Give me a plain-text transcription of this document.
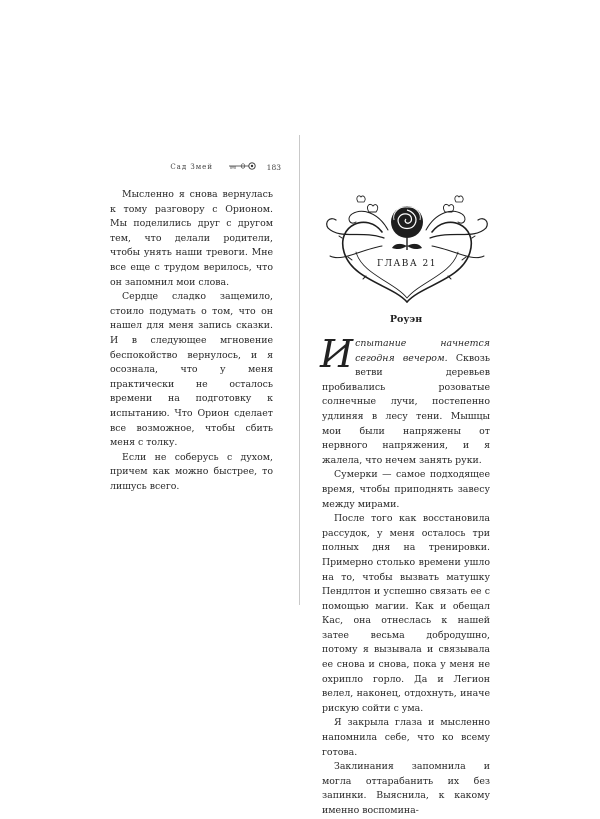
Сад Змей	183

Мысленно я снова вернулась к тому разговору с Орионом. Мы поделились друг с другом тем, что делали родители, чтобы унять наши тревоги. Мне все еще с трудом верилось, что он запомнил мои слова.

Сердце сладко защемило, стоило подумать о том, что он нашел для меня запись сказки. И в следующее мгновение беспокойство вернулось, и я осознала, что у меня практически не осталось времени на подготовку к испытанию. Что Орион сделает все возможное, чтобы сбить меня с толку.

Если не соберусь с духом, причем как можно быстрее, то лишусь всего.

ГЛАВА 21
Роуэн

Испытание начнется сегодня вечером. Сквозь ветви деревьев пробивались розоватые солнечные лучи, постепенно удлиняя в лесу тени. Мышцы мои были напряжены от нервного напряжения, и я жалела, что нечем занять руки.

Сумерки — самое подходящее время, чтобы приподнять завесу между мирами.

После того как восстановила рассудок, у меня осталось три полных дня на тренировки. Примерно столько времени ушло на то, чтобы вызвать матушку Пендлтон и успешно связать ее с помощью магии. Как и обещал Кас, она отнеслась к нашей затее весьма добродушно, потому я вызывала и связывала ее снова и снова, пока у меня не охрипло горло. Да и Легион велел, наконец, отдохнуть, иначе рискую сойти с ума.

Я закрыла глаза и мысленно напомнила себе, что ко всему готова.

Заклинания запомнила и могла оттарабанить их без запинки. Выяснила, к какому именно воспомина-
